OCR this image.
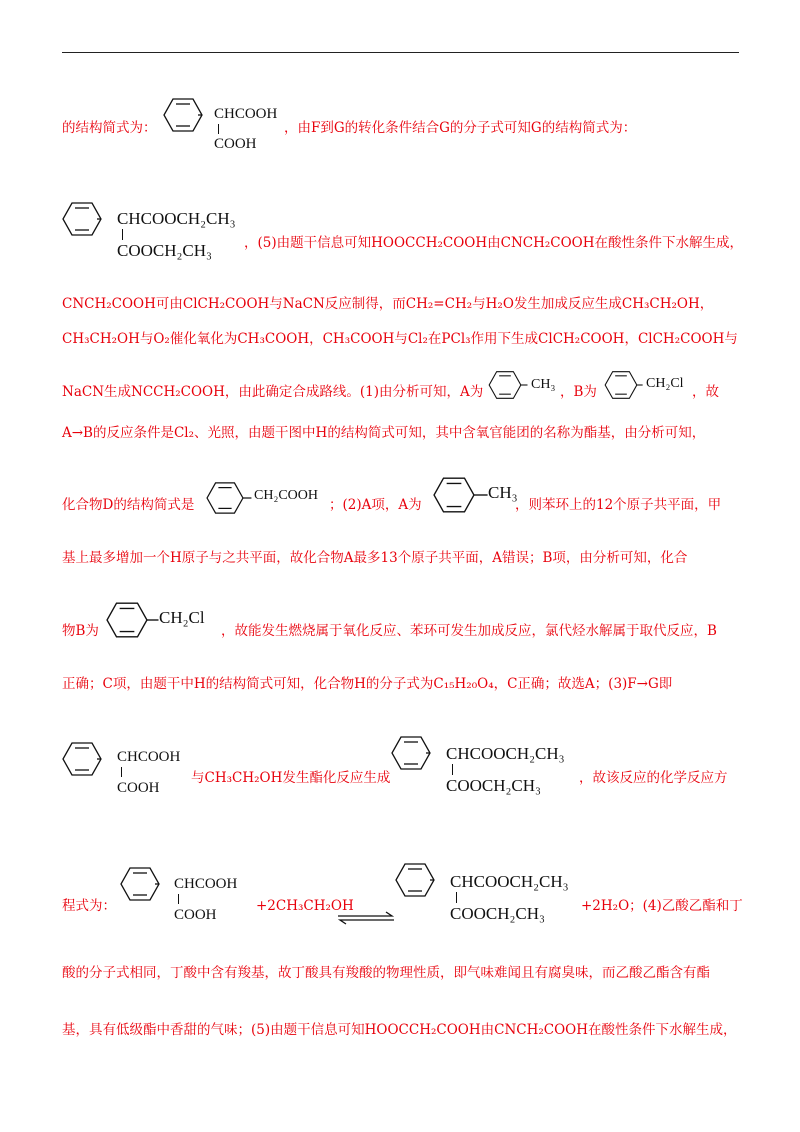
的结构简式为：
CHCOOH
COOH
，由F到G的转化条件结合G的分子式可知G的结构简式为：
CHCOOCH₂CH₃
COOCH₂CH₃ ，(5)由题干信息可知HOOCCH₂COOH由CNCH₂COOH在酸性条件下水解生成，
CNCH₂COOH可由ClCH₂COOH与NaCN反应制得，而CH₂=CH₂与H₂O发生加成反应生成CH₃CH₂OH，
CH₃CH₂OH与O₂催化氧化为CH₃COOH，CH₃COOH与Cl₂在PCl₃作用下生成ClCH₂COOH，ClCH₂COOH与
NaCN生成NCCH₂COOH，由此确定合成路线。(1)由分析可知，A为	CH₃ ，B为
CH₂Cl
，故
A→B的反应条件是Cl₂、光照，由题干图中H的结构简式可知，其中含氧官能团的名称为酯基，由分析可知，
化合物D的结构简式是
CH₂COOH
；(2)A项，A为
CH₃
，则苯环上的12个原子共平面，甲
基上最多增加一个H原子与之共平面，故化合物A最多13个原子共平面，A错误；B项，由分析可知，化合
物B为
CH₂Cl
，故能发生燃烧属于氧化反应、苯环可发生加成反应，氯代烃水解属于取代反应，B
正确；C项，由题干中H的结构简式可知，化合物H的分子式为C₁₅H₂₀O₄，C正确；故选A；(3)F→G即
CHCOOH
COOH
与CH₃CH₂OH发生酯化反应生成
CHCOOCH₂CH₃
COOCH₂CH₃	，故该反应的化学反应方
程式为：
CHCOOH
COOH
+2CH₃CH₂OH
CHCOOCH₂CH₃
COOCH₂CH₃	+2H₂O；(4)乙酸乙酯和丁
酸的分子式相同，丁酸中含有羧基，故丁酸具有羧酸的物理性质，即气味难闻且有腐臭味，而乙酸乙酯含有酯
基，具有低级酯中香甜的气味；(5)由题干信息可知HOOCCH₂COOH由CNCH₂COOH在酸性条件下水解生成，
